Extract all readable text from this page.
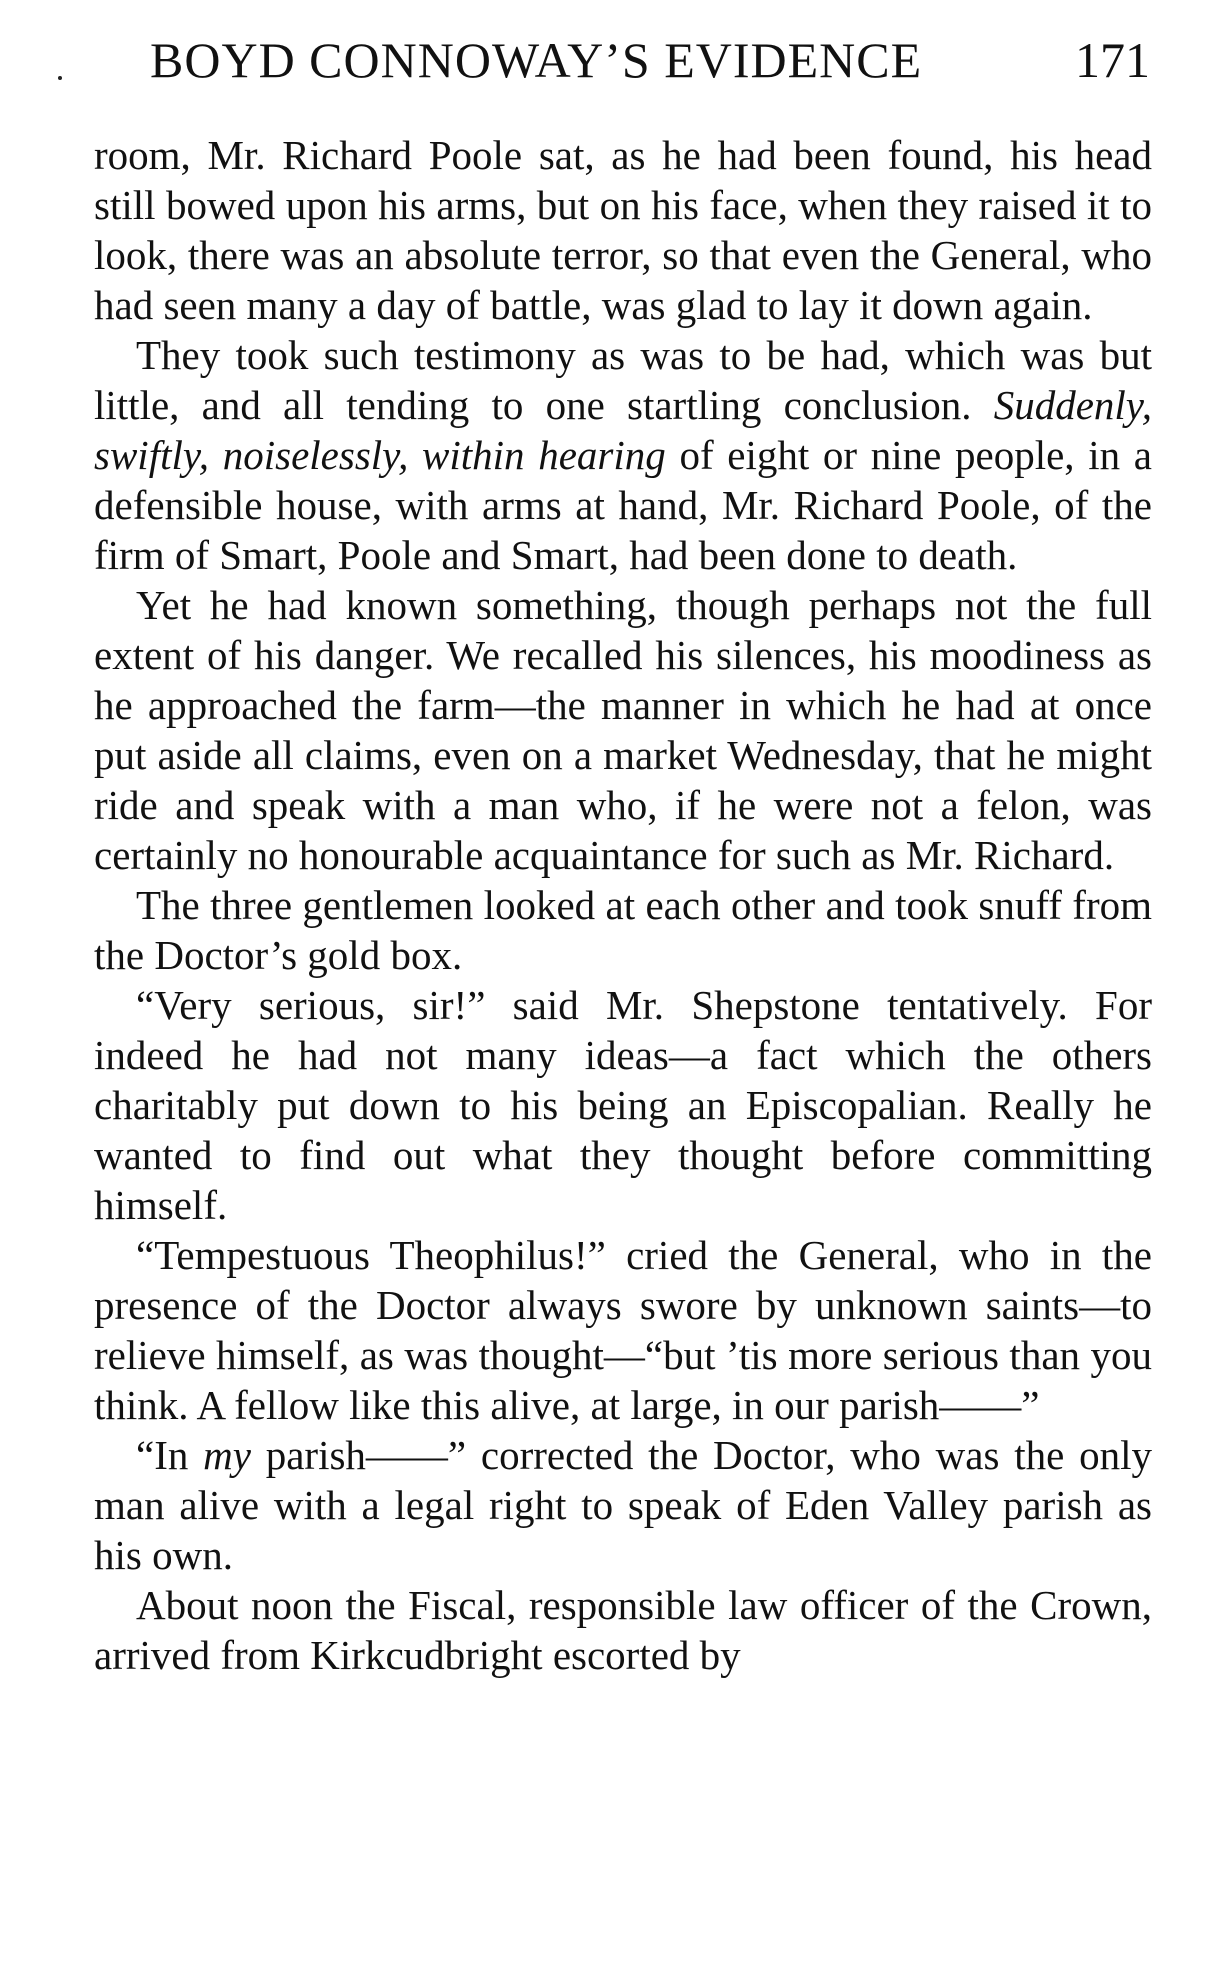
BOYD CONNOWAY’S EVIDENCE	171

room, Mr. Richard Poole sat, as he had been found, his head still bowed upon his arms, but on his face, when they raised it to look, there was an absolute terror, so that even the General, who had seen many a day of battle, was glad to lay it down again.

They took such testimony as was to be had, which was but little, and all tending to one startling conclusion. Suddenly, swiftly, noiselessly, within hearing of eight or nine people, in a defensible house, with arms at hand, Mr. Richard Poole, of the firm of Smart, Poole and Smart, had been done to death.

Yet he had known something, though perhaps not the full extent of his danger. We recalled his silences, his moodiness as he approached the farm—the manner in which he had at once put aside all claims, even on a market Wednesday, that he might ride and speak with a man who, if he were not a felon, was certainly no honourable acquaintance for such as Mr. Richard.

The three gentlemen looked at each other and took snuff from the Doctor’s gold box.

“Very serious, sir!” said Mr. Shepstone tentatively. For indeed he had not many ideas—a fact which the others charitably put down to his being an Episcopalian. Really he wanted to find out what they thought before committing himself.

“Tempestuous Theophilus!” cried the General, who in the presence of the Doctor always swore by unknown saints—to relieve himself, as was thought—“but ’tis more serious than you think. A fellow like this alive, at large, in our parish——”

“In my parish——” corrected the Doctor, who was the only man alive with a legal right to speak of Eden Valley parish as his own.

About noon the Fiscal, responsible law officer of the Crown, arrived from Kirkcudbright escorted by
